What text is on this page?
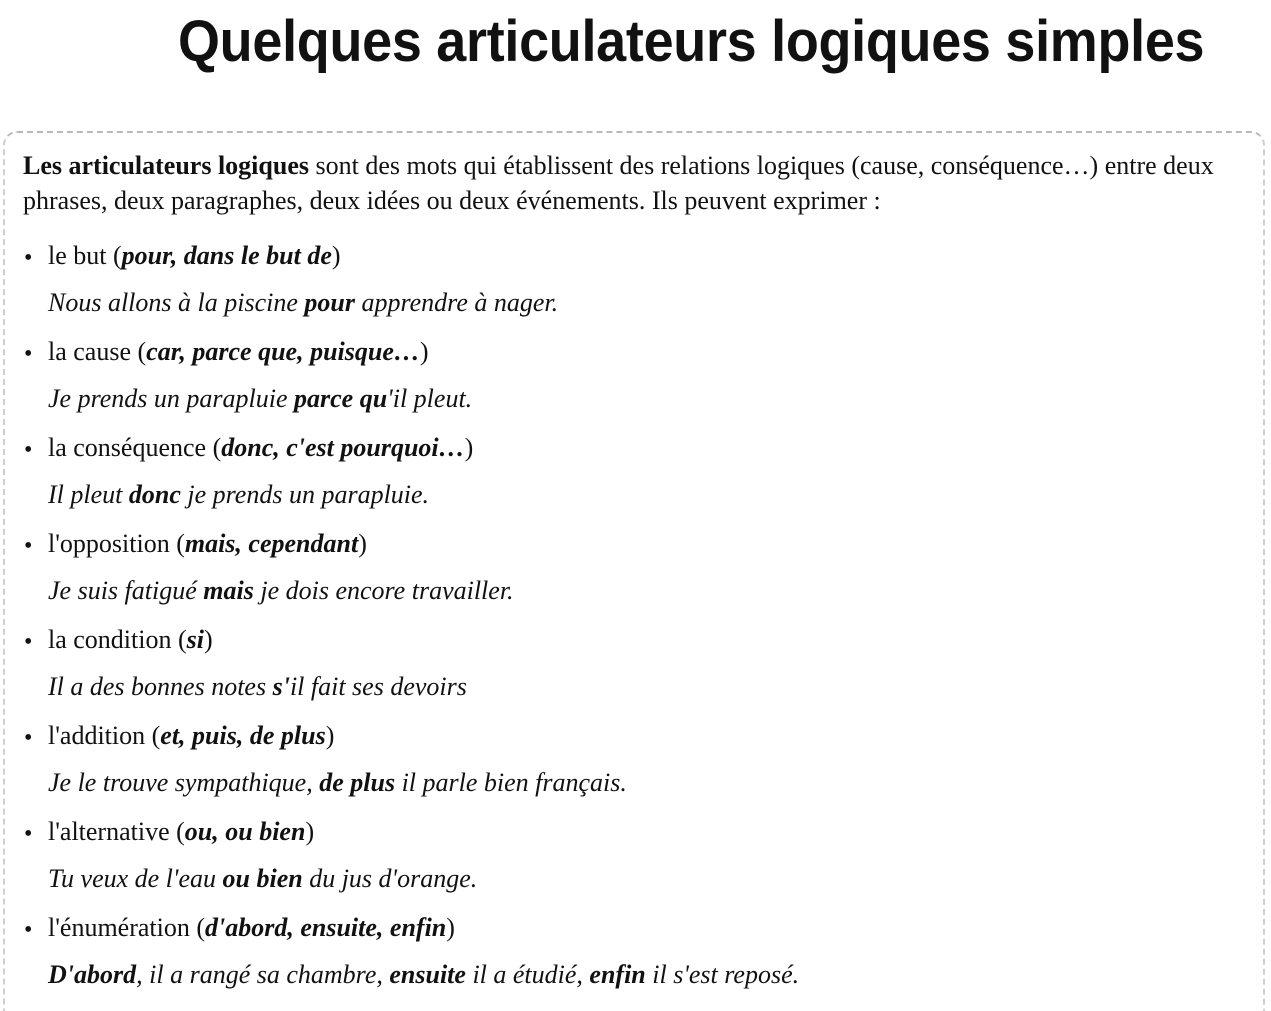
Quelques articulateurs logiques simples

Les articulateurs logiques sont des mots qui établissent des relations logiques (cause, conséquence…) entre deux phrases, deux paragraphes, deux idées ou deux événements. Ils peuvent exprimer :

• le but (pour, dans le but de)
Nous allons à la piscine pour apprendre à nager.
• la cause (car, parce que, puisque…)
Je prends un parapluie parce qu'il pleut.
• la conséquence (donc, c'est pourquoi…)
Il pleut donc je prends un parapluie.
• l'opposition (mais, cependant)
Je suis fatigué mais je dois encore travailler.
• la condition (si)
Il a des bonnes notes s'il fait ses devoirs
• l'addition (et, puis, de plus)
Je le trouve sympathique, de plus il parle bien français.
• l'alternative (ou, ou bien)
Tu veux de l'eau ou bien du jus d'orange.
• l'énumération (d'abord, ensuite, enfin)
D'abord, il a rangé sa chambre, ensuite il a étudié, enfin il s'est reposé.
